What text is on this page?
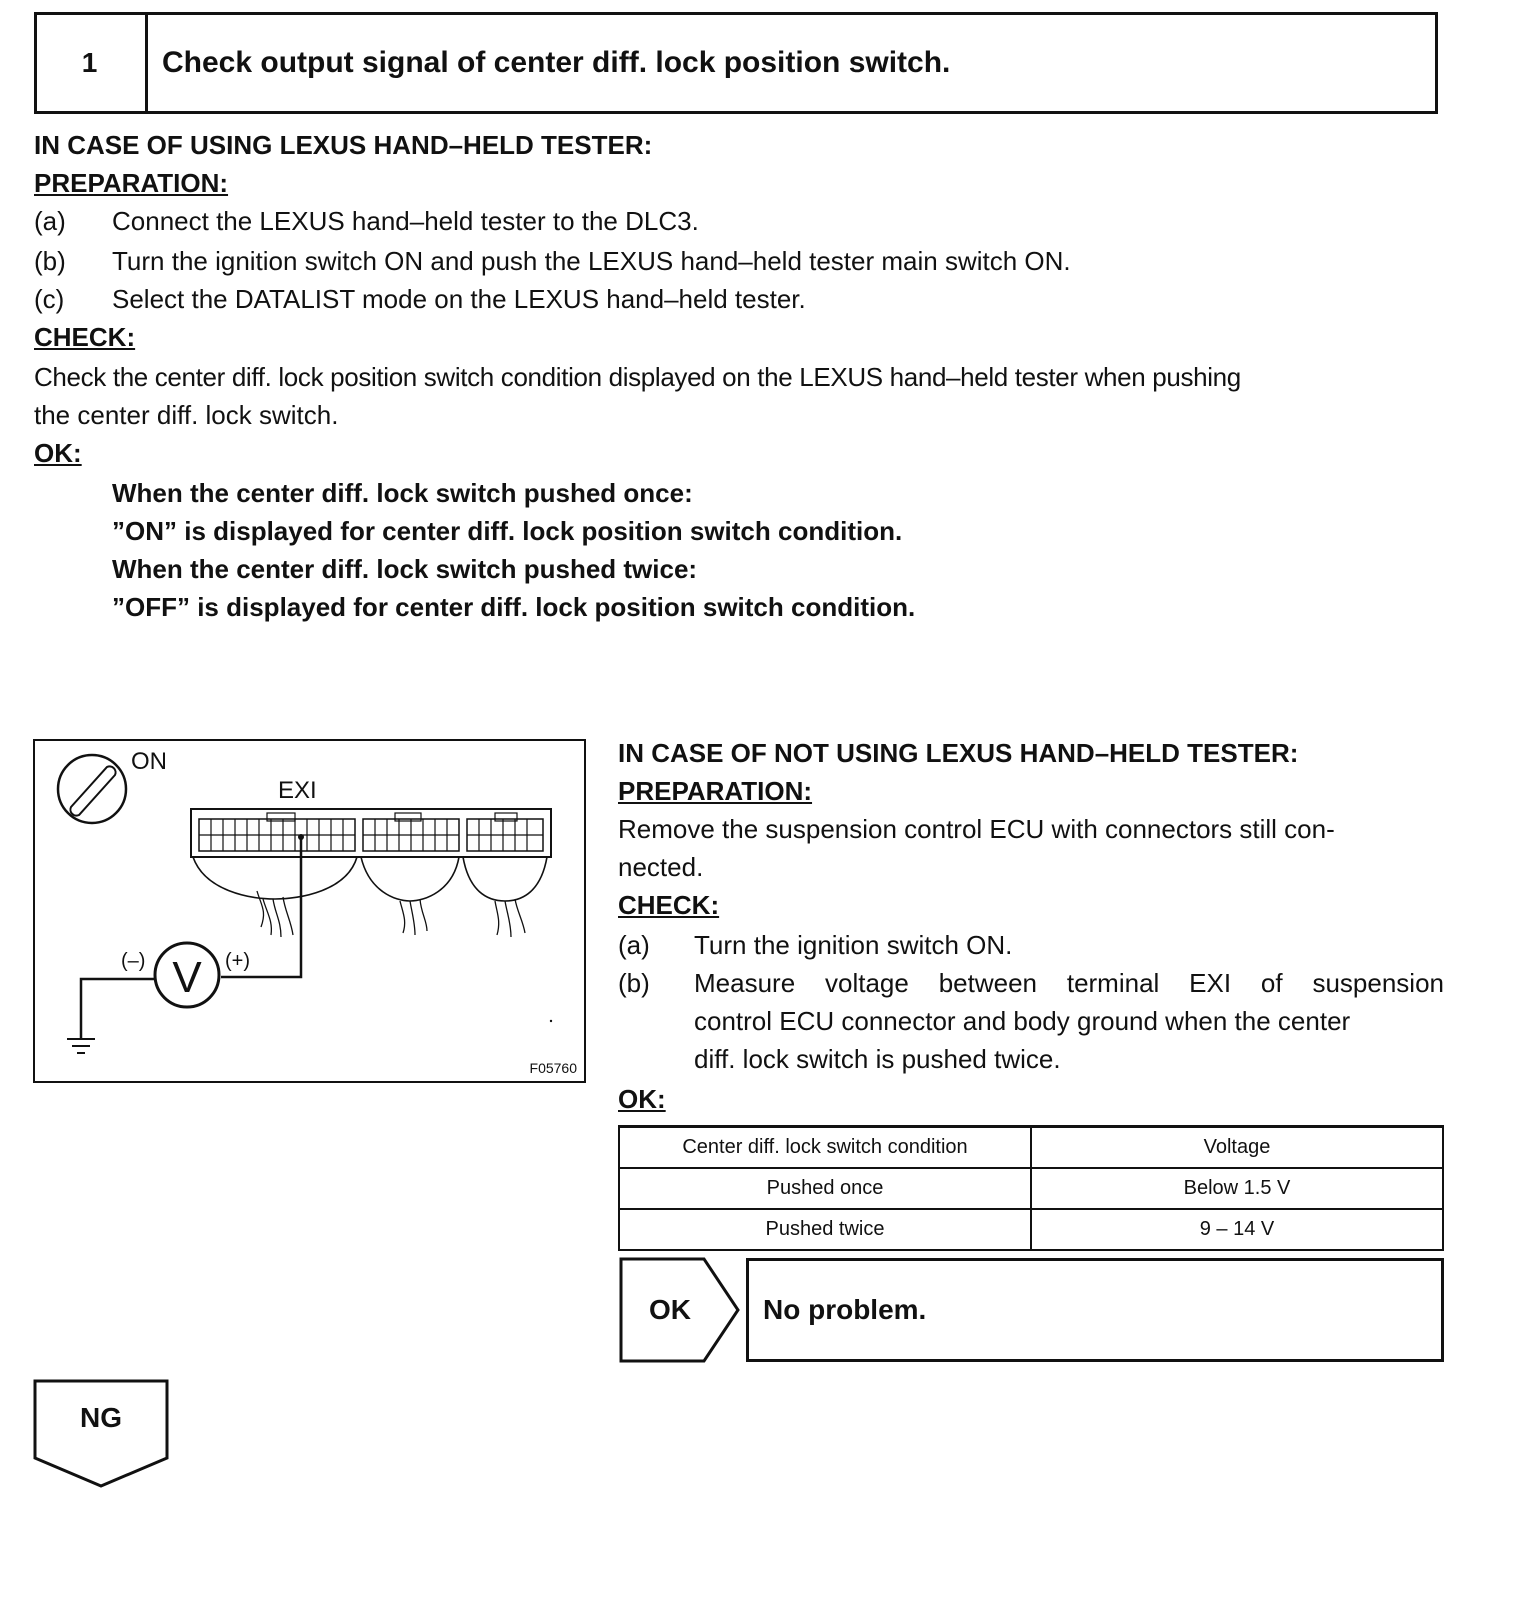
1	Check output signal of center diff. lock position switch.
IN CASE OF USING LEXUS HAND–HELD TESTER:
PREPARATION:
(a) Connect the LEXUS hand–held tester to the DLC3.
(b) Turn the ignition switch ON and push the LEXUS hand–held tester main switch ON.
(c) Select the DATALIST mode on the LEXUS hand–held tester.
CHECK:
Check the center diff. lock position switch condition displayed on the LEXUS hand–held tester when pushing
the center diff. lock switch.
OK:
When the center diff. lock switch pushed once:
”ON” is displayed for center diff. lock position switch condition.
When the center diff. lock switch pushed twice:
”OFF” is displayed for center diff. lock position switch condition.
ON
EXI
V
(–)	(+)
F05760
IN CASE OF NOT USING LEXUS HAND–HELD TESTER:
PREPARATION:
Remove the suspension control ECU with connectors still con-
nected.
CHECK:
(a) Turn the ignition switch ON.
(b) Measure voltage between terminal EXI of suspension
control ECU connector and body ground when the center
diff. lock switch is pushed twice.
OK:
Center diff. lock switch condition	Voltage
Pushed once	Below 1.5 V
Pushed twice	9 – 14 V
OK	No problem.
NG
